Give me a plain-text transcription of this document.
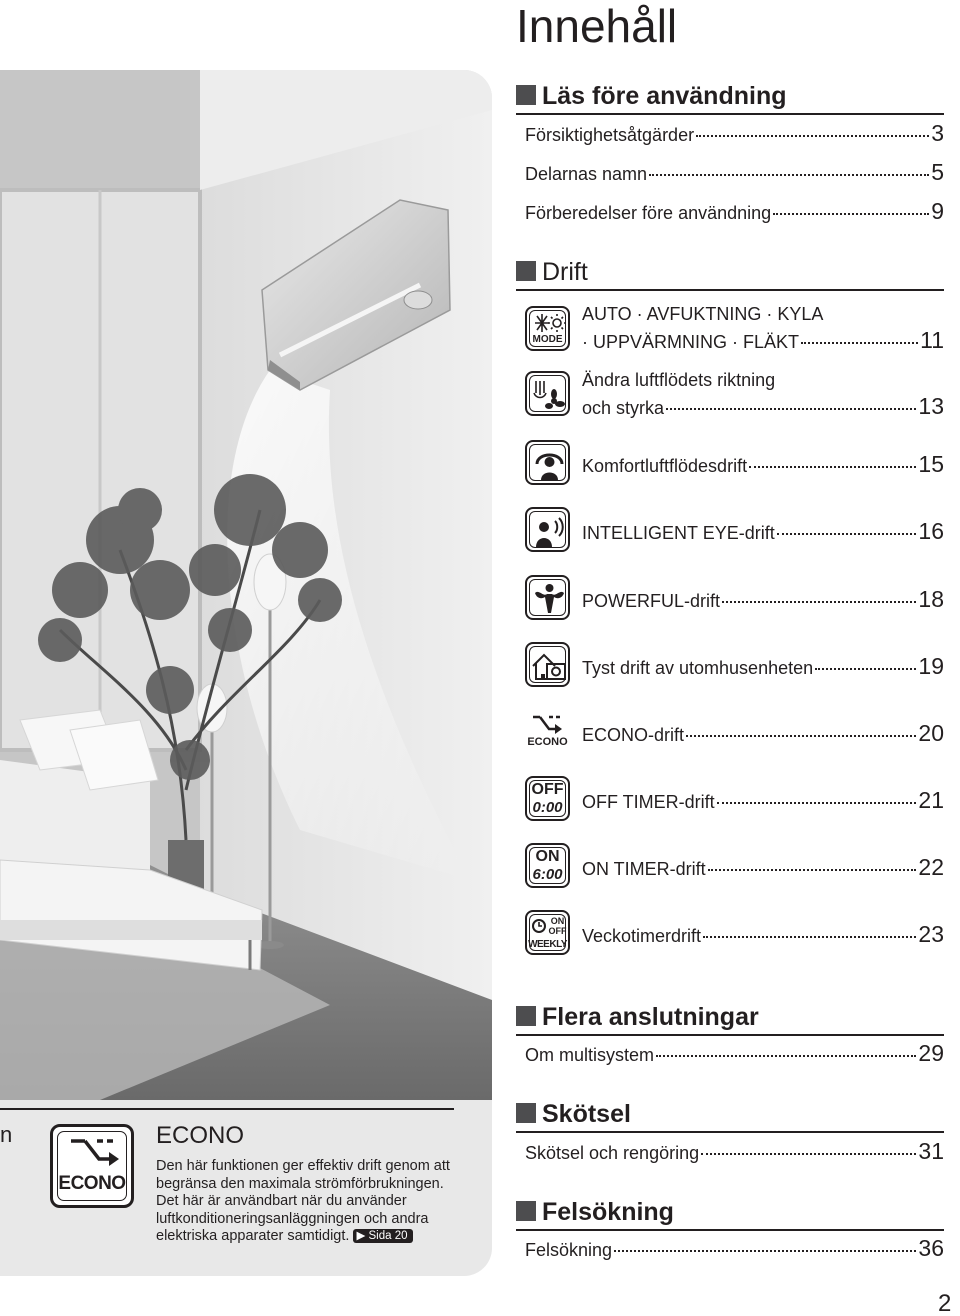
n
ECONO
ECONO
Den här funktionen ger effektiv drift genom att begränsa den maximala strömförbrukningen. Det här är användbart när du använder luftkonditioneringsanläggningen och andra elektriska apparater samtidigt. ▶ Sida 20
Innehåll
Läs före användning
Försiktighetsåtgärder	3
Delarnas namn	5
Förberedelser före användning	9
Drift
MODE
AUTO · AVFUKTNING · KYLA
· UPPVÄRMNING · FLÄKT	11
Ändra luftflödets riktning
och styrka	13
Komfortluftflödesdrift	15
INTELLIGENT EYE-drift	16
POWERFUL-drift	18
Tyst drift av utomhusenheten	19
ECONO ECONO-drift	20
OFF
0:00	OFF TIMER-drift	21
ON
6:00	ON TIMER-drift	22
ON
OFF
WEEKLY Veckotimerdrift	23
Flera anslutningar
Om multisystem	29
Skötsel
Skötsel och rengöring	31
Felsökning
Felsökning	36
2
